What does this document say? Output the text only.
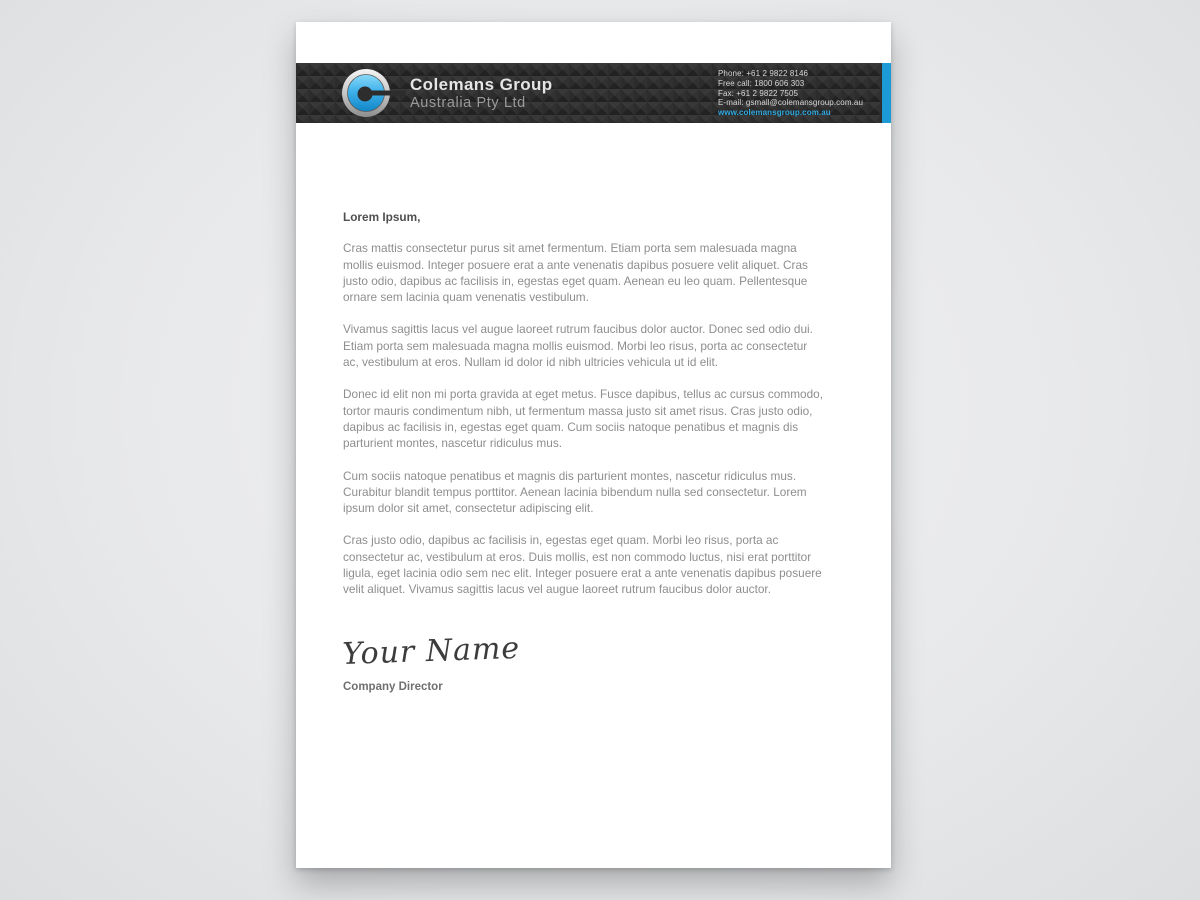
Colemans Group
Australia Pty Ltd
Phone: +61 2 9822 8146
Free call: 1800 606 303
Fax: +61 2 9822 7505
E-mail: gsmall@colemansgroup.com.au
www.colemansgroup.com.au
Lorem Ipsum,

Cras mattis consectetur purus sit amet fermentum. Etiam porta sem malesuada magna mollis euismod. Integer posuere erat a ante venenatis dapibus posuere velit aliquet. Cras justo odio, dapibus ac facilisis in, egestas eget quam. Aenean eu leo quam. Pellentesque ornare sem lacinia quam venenatis vestibulum.

Vivamus sagittis lacus vel augue laoreet rutrum faucibus dolor auctor. Donec sed odio dui. Etiam porta sem malesuada magna mollis euismod. Morbi leo risus, porta ac consectetur ac, vestibulum at eros. Nullam id dolor id nibh ultricies vehicula ut id elit.

Donec id elit non mi porta gravida at eget metus. Fusce dapibus, tellus ac cursus commodo, tortor mauris condimentum nibh, ut fermentum massa justo sit amet risus. Cras justo odio, dapibus ac facilisis in, egestas eget quam. Cum sociis natoque penatibus et magnis dis parturient montes, nascetur ridiculus mus.

Cum sociis natoque penatibus et magnis dis parturient montes, nascetur ridiculus mus. Curabitur blandit tempus porttitor. Aenean lacinia bibendum nulla sed consectetur. Lorem ipsum dolor sit amet, consectetur adipiscing elit.

Cras justo odio, dapibus ac facilisis in, egestas eget quam. Morbi leo risus, porta ac consectetur ac, vestibulum at eros. Duis mollis, est non commodo luctus, nisi erat porttitor ligula, eget lacinia odio sem nec elit. Integer posuere erat a ante venenatis dapibus posuere velit aliquet. Vivamus sagittis lacus vel augue laoreet rutrum faucibus dolor auctor.

Your Name
Company Director
